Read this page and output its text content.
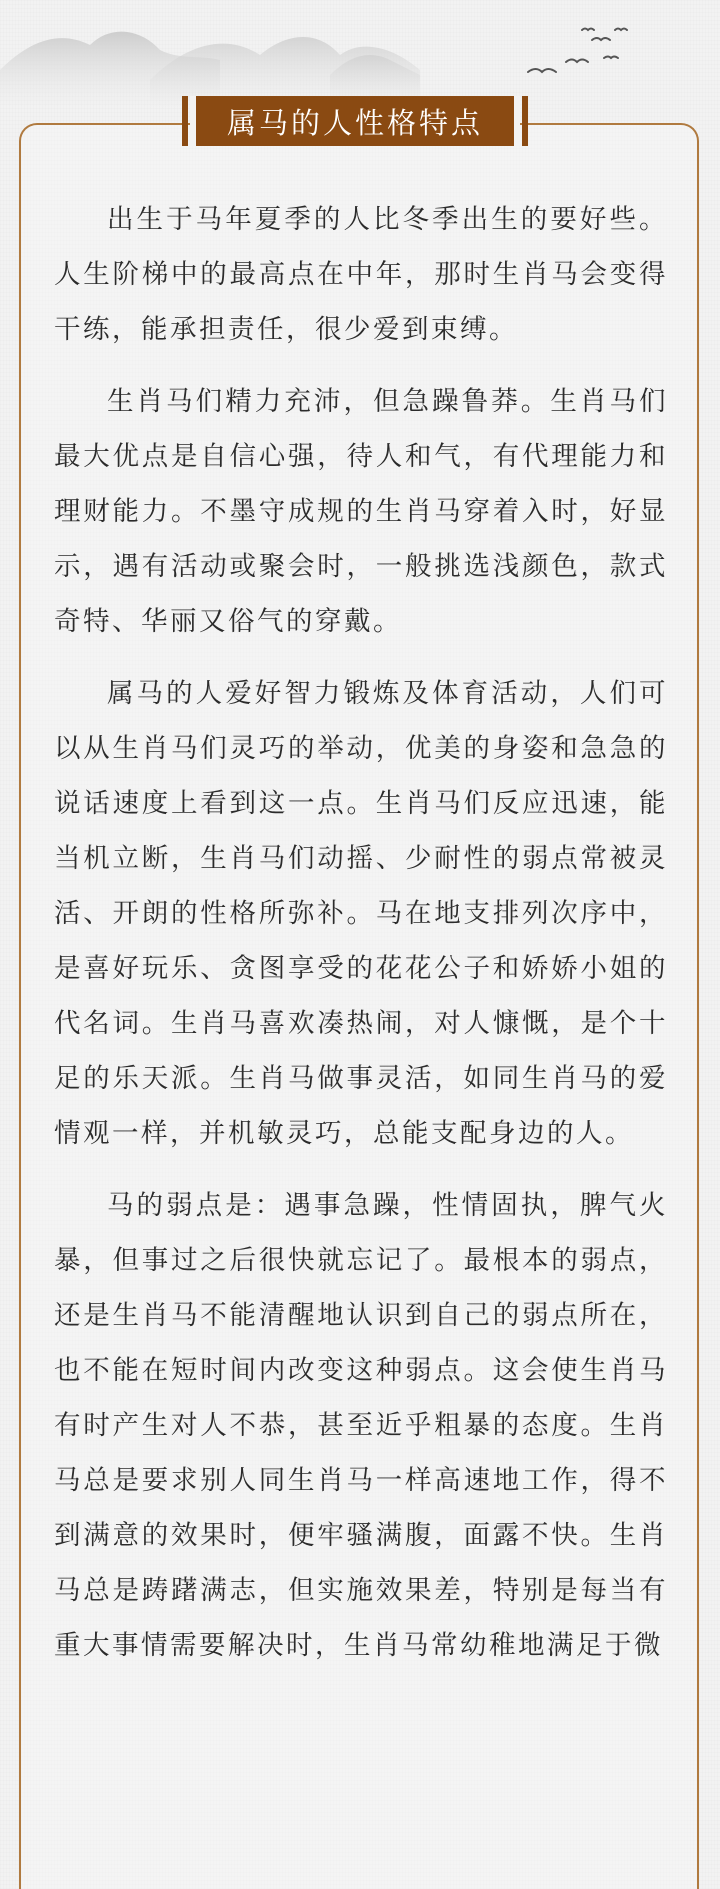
属马的人性格特点

出生于马年夏季的人比冬季出生的要好些。人生阶梯中的最高点在中年，那时生肖马会变得干练，能承担责任，很少爱到束缚。

生肖马们精力充沛，但急躁鲁莽。生肖马们最大优点是自信心强，待人和气，有代理能力和理财能力。不墨守成规的生肖马穿着入时，好显示，遇有活动或聚会时，一般挑选浅颜色，款式奇特、华丽又俗气的穿戴。

属马的人爱好智力锻炼及体育活动，人们可以从生肖马们灵巧的举动，优美的身姿和急急的说话速度上看到这一点。生肖马们反应迅速，能当机立断，生肖马们动摇、少耐性的弱点常被灵活、开朗的性格所弥补。马在地支排列次序中，是喜好玩乐、贪图享受的花花公子和娇娇小姐的代名词。生肖马喜欢凑热闹，对人慷慨，是个十足的乐天派。生肖马做事灵活，如同生肖马的爱情观一样，并机敏灵巧，总能支配身边的人。

马的弱点是：遇事急躁，性情固执，脾气火暴，但事过之后很快就忘记了。最根本的弱点，还是生肖马不能清醒地认识到自己的弱点所在，也不能在短时间内改变这种弱点。这会使生肖马有时产生对人不恭，甚至近乎粗暴的态度。生肖马总是要求别人同生肖马一样高速地工作，得不到满意的效果时，便牢骚满腹，面露不快。生肖马总是踌躇满志，但实施效果差，特别是每当有重大事情需要解决时，生肖马常幼稚地满足于微
